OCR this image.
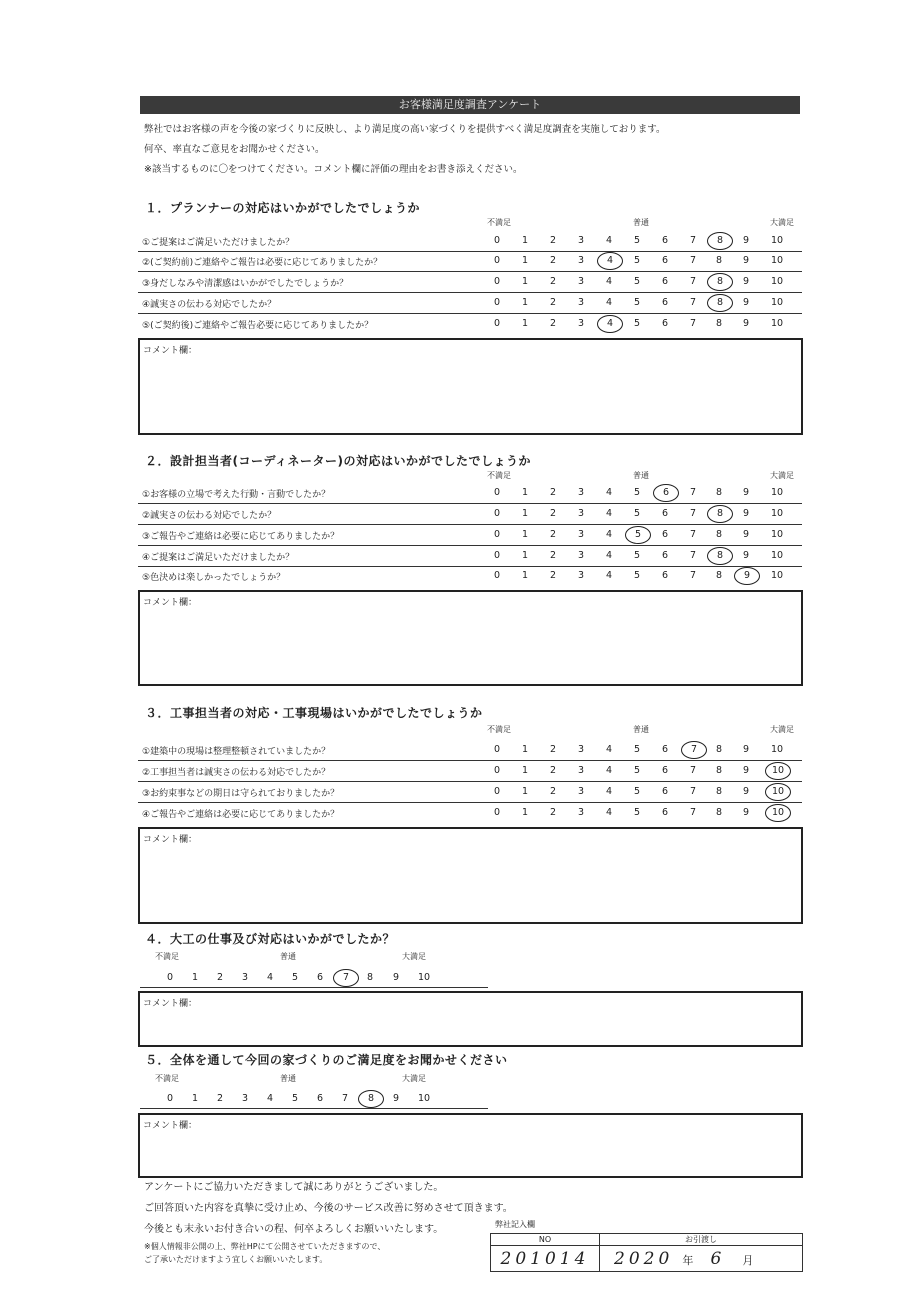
お客様満足度調査アンケート
弊社ではお客様の声を今後の家づくりに反映し、より満足度の高い家づくりを提供すべく満足度調査を実施しております。
何卒、率直なご意見をお聞かせください。
※該当するものに〇をつけてください。コメント欄に評価の理由をお書き添えください。
１．プランナーの対応はいかがでしたでしょうか
不満足	普通	大満足
①ご提案はご満足いただけましたか？	0	1	2	3	4	5	6	7	8	9	10
②(ご契約前)ご連絡やご報告は必要に応じてありましたか？	0	1	2	3	4	5	6	7	8	9	10
③身だしなみや清潔感はいかがでしたでしょうか？	0	1	2	3	4	5	6	7	8	9	10
④誠実さの伝わる対応でしたか？	0	1	2	3	4	5	6	7	8	9	10
⑤(ご契約後)ご連絡やご報告必要に応じてありましたか？	0	1	2	3	4	5	6	7	8	9	10
コメント欄：
２．設計担当者(コーディネーター)の対応はいかがでしたでしょうか
不満足	普通	大満足
①お客様の立場で考えた行動・言動でしたか？	0	1	2	3	4	5	6	7	8	9	10
②誠実さの伝わる対応でしたか？	0	1	2	3	4	5	6	7	8	9	10
③ご報告やご連絡は必要に応じてありましたか？	0	1	2	3	4	5	6	7	8	9	10
④ご提案はご満足いただけましたか？	0	1	2	3	4	5	6	7	8	9	10
⑤色決めは楽しかったでしょうか？	0	1	2	3	4	5	6	7	8	9	10
コメント欄：
３．工事担当者の対応・工事現場はいかがでしたでしょうか
不満足	普通	大満足
①建築中の現場は整理整頓されていましたか？	0	1	2	3	4	5	6	7	8	9	10
②工事担当者は誠実さの伝わる対応でしたか？	0	1	2	3	4	5	6	7	8	9	10
③お約束事などの期日は守られておりましたか？	0	1	2	3	4	5	6	7	8	9	10
④ご報告やご連絡は必要に応じてありましたか？	0	1	2	3	4	5	6	7	8	9	10
コメント欄：
４．大工の仕事及び対応はいかがでしたか？
不満足	普通	大満足
0	1	2	3	4	5	6	7	8	9	10
コメント欄：
５．全体を通して今回の家づくりのご満足度をお聞かせください
不満足	普通	大満足
0	1	2	3	4	5	6	7	8	9	10
コメント欄：
アンケートにご協力いただきまして誠にありがとうございました。
ご回答頂いた内容を真摯に受け止め、今後のサービス改善に努めさせて頂きます。
今後とも末永いお付き合いの程、何卒よろしくお願いいたします。
※個人情報非公開の上、弊社HPにて公開させていただきますので、
ご了承いただけますよう宜しくお願いいたします。
弊社記入欄
NO	お引渡し
201014	2020 年 6 月
